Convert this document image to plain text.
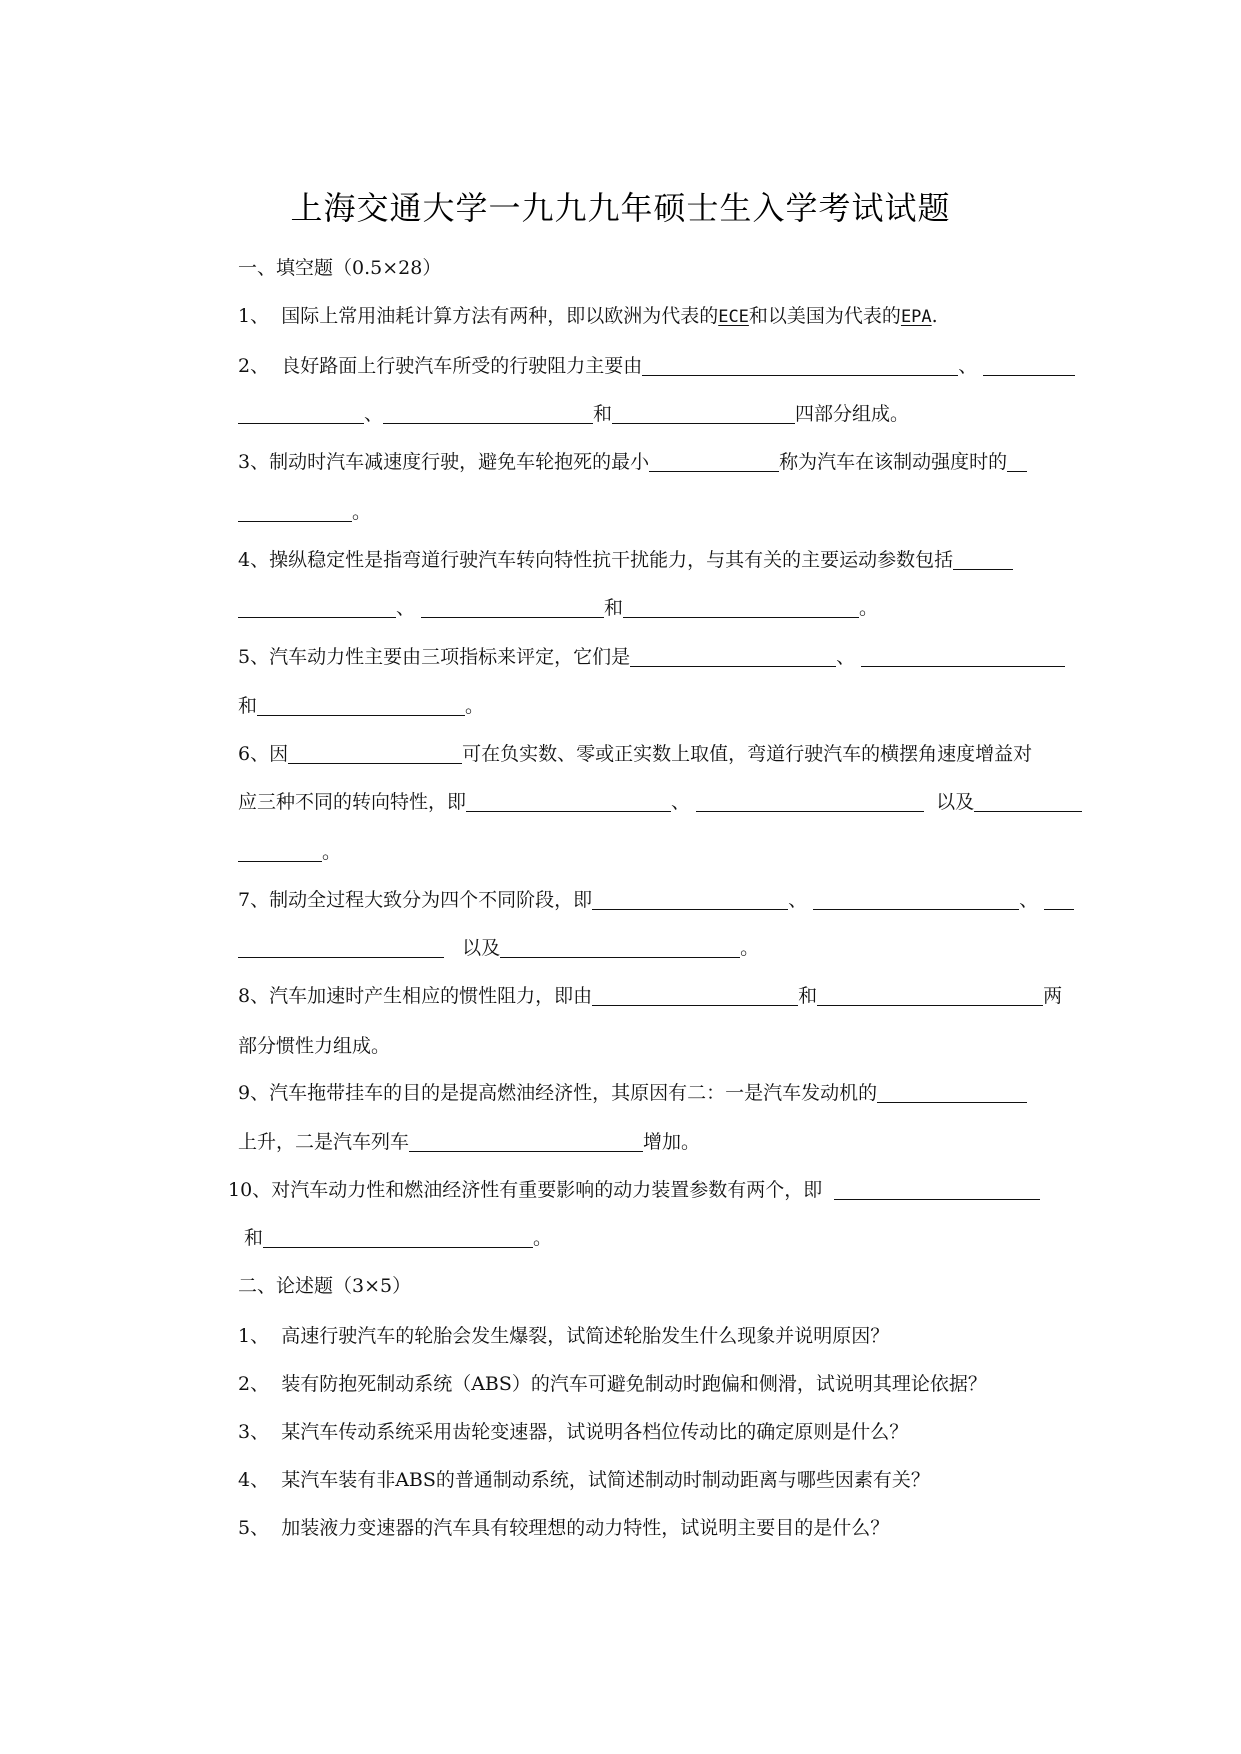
上海交通大学一九九九年硕士生入学考试试题
一、填空题（0.5×28）
1、 国际上常用油耗计算方法有两种，即以欧洲为代表的ECE和以美国为代表的EPA.
2、 良好路面上行驶汽车所受的行驶阻力主要由	、
、	和	四部分组成。
3、制动时汽车减速度行驶，避免车轮抱死的最小	称为汽车在该制动强度时的
。
4、操纵稳定性是指弯道行驶汽车转向特性抗干扰能力，与其有关的主要运动参数包括
、	和	。
5、汽车动力性主要由三项指标来评定，它们是	、
和	。
6、因	可在负实数、零或正实数上取值，弯道行驶汽车的横摆角速度增益对
应三种不同的转向特性，即	、	以及
。
7、制动全过程大致分为四个不同阶段，即	、	、
以及	。
8、汽车加速时产生相应的惯性阻力，即由	和	两
部分惯性力组成。
9、汽车拖带挂车的目的是提高燃油经济性，其原因有二：一是汽车发动机的
上升，二是汽车列车	增加。
10、对汽车动力性和燃油经济性有重要影响的动力装置参数有两个，即
和	。
二、论述题（3×5）
1、 高速行驶汽车的轮胎会发生爆裂，试简述轮胎发生什么现象并说明原因？
2、 装有防抱死制动系统（ABS）的汽车可避免制动时跑偏和侧滑，试说明其理论依据？
3、 某汽车传动系统采用齿轮变速器，试说明各档位传动比的确定原则是什么？
4、 某汽车装有非ABS的普通制动系统，试简述制动时制动距离与哪些因素有关？
5、 加装液力变速器的汽车具有较理想的动力特性，试说明主要目的是什么？
